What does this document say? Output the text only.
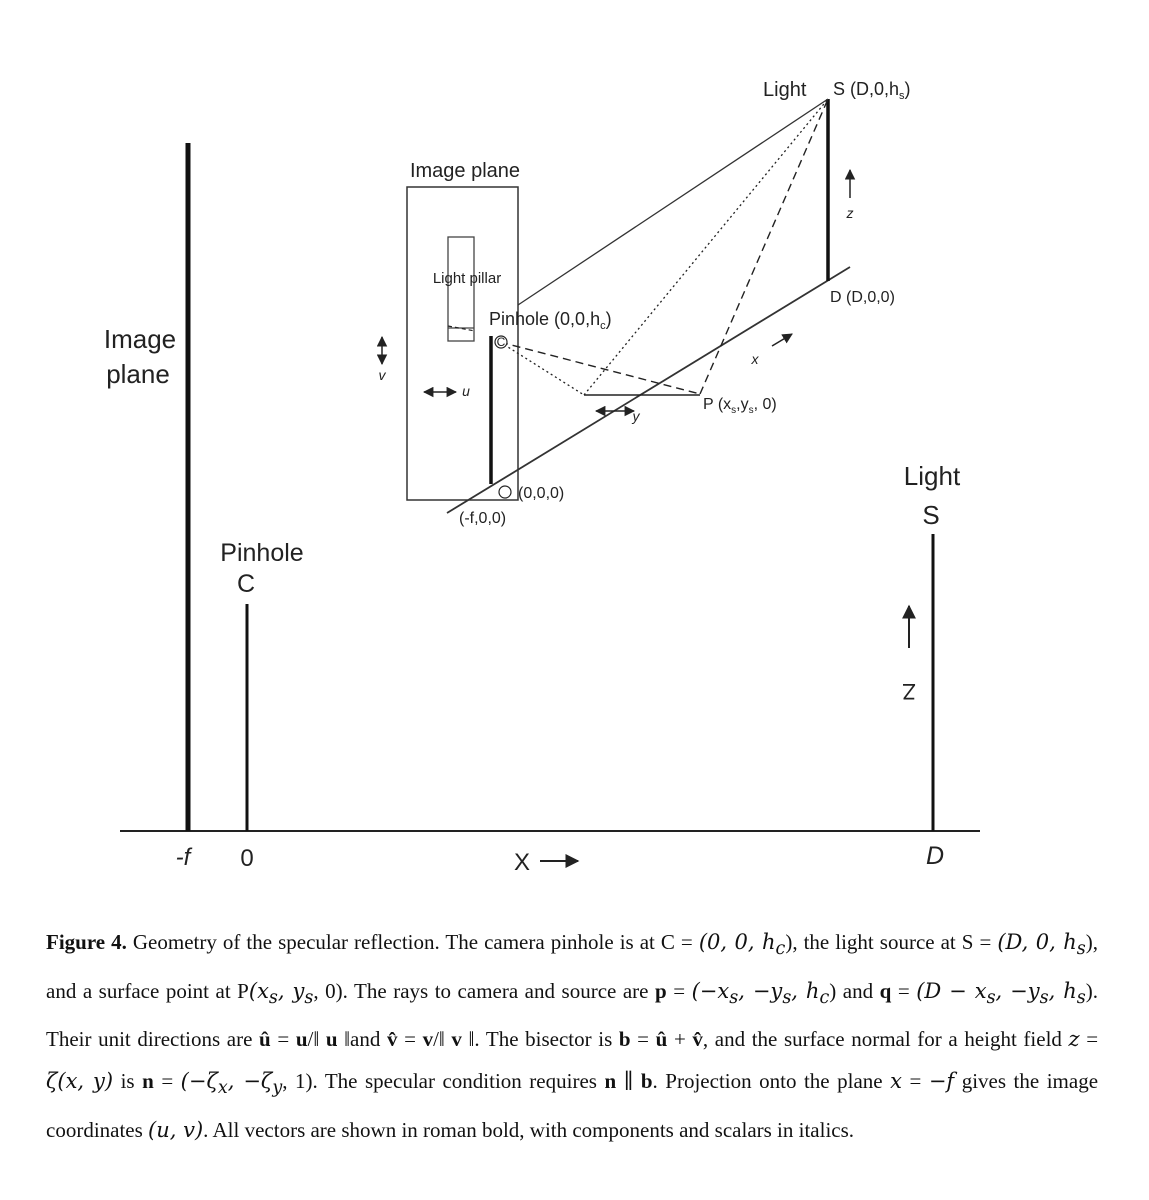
Image
plane
Pinhole
C
Light
S
Z
-f 0	D
X
Image plane
Light pillar
v
u
C
Pinhole $(0,0,h_c)$
Light S $(D,0,h_s)$
z
D (D,0,0)
x
y
P ($x_s,y_s$, 0)
(0,0,0)
(-f,0,0)
Figure 4. Geometry of the specular reflection. The camera pinhole is at C = (0, 0, $h_c$), the light source at S = (D, 0, $h_s$), and a surface point at $P(x_s$, $y_s$, 0). The rays to camera and source are $p = (-x_s$, $-y_s$, $h_c$) and $q = (D - x_s$, $-y_s$, $h_s$). Their unit directions are û = u/‖ u ‖and v̂ = v/‖ v ‖. The bisector is b = û + v̂, and the surface normal for a height field z = ζ(x, y) is $n = (-\zeta_x$, $-\zeta_y$, 1). The specular condition requires n ∥ b. Projection onto the plane x = −f gives the image coordinates (u, v). All vectors are shown in roman bold, with components and scalars in italics.
